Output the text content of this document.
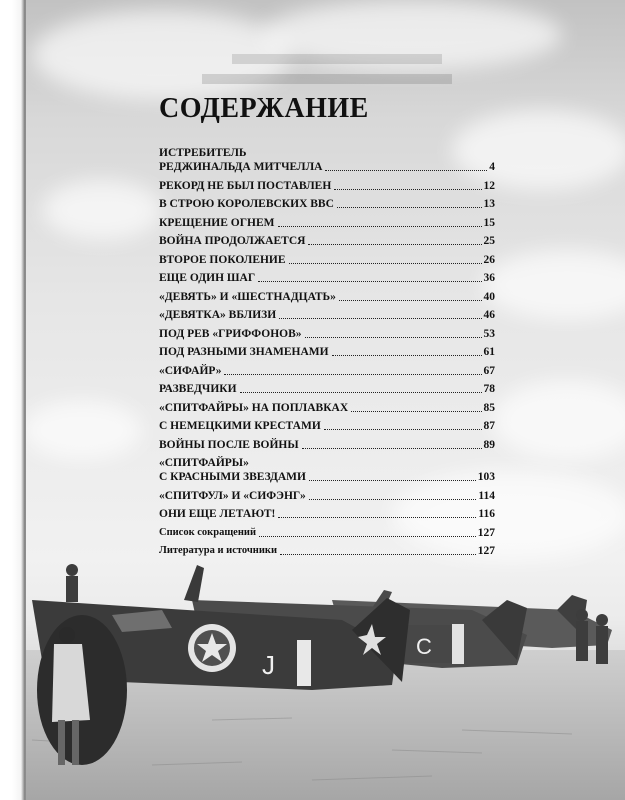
СОДЕРЖАНИЕ
ИСТРЕБИТЕЛЬ
РЕДЖИНАЛЬДА МИТЧЕЛЛА	4
РЕКОРД НЕ БЫЛ ПОСТАВЛЕН	12
В СТРОЮ КОРОЛЕВСКИХ ВВС	13
КРЕЩЕНИЕ ОГНЕМ	15
ВОЙНА ПРОДОЛЖАЕТСЯ	25
ВТОРОЕ ПОКОЛЕНИЕ	26
ЕЩЕ ОДИН ШАГ	36
«ДЕВЯТЬ» И «ШЕСТНАДЦАТЬ»	40
«ДЕВЯТКА» ВБЛИЗИ	46
ПОД РЕВ «ГРИФФОНОВ»	53
ПОД РАЗНЫМИ ЗНАМЕНАМИ	61
«СИФАЙР»	67
РАЗВЕДЧИКИ	78
«СПИТФАЙРЫ» НА ПОПЛАВКАХ	85
С НЕМЕЦКИМИ КРЕСТАМИ	87
ВОЙНЫ ПОСЛЕ ВОЙНЫ	89
«СПИТФАЙРЫ»
С КРАСНЫМИ ЗВЕЗДАМИ	103
«СПИТФУЛ» И «СИФЭНГ»	114
ОНИ ЕЩЕ ЛЕТАЮТ!	116
Список сокращений	127
Литература и источники	127
C
J
